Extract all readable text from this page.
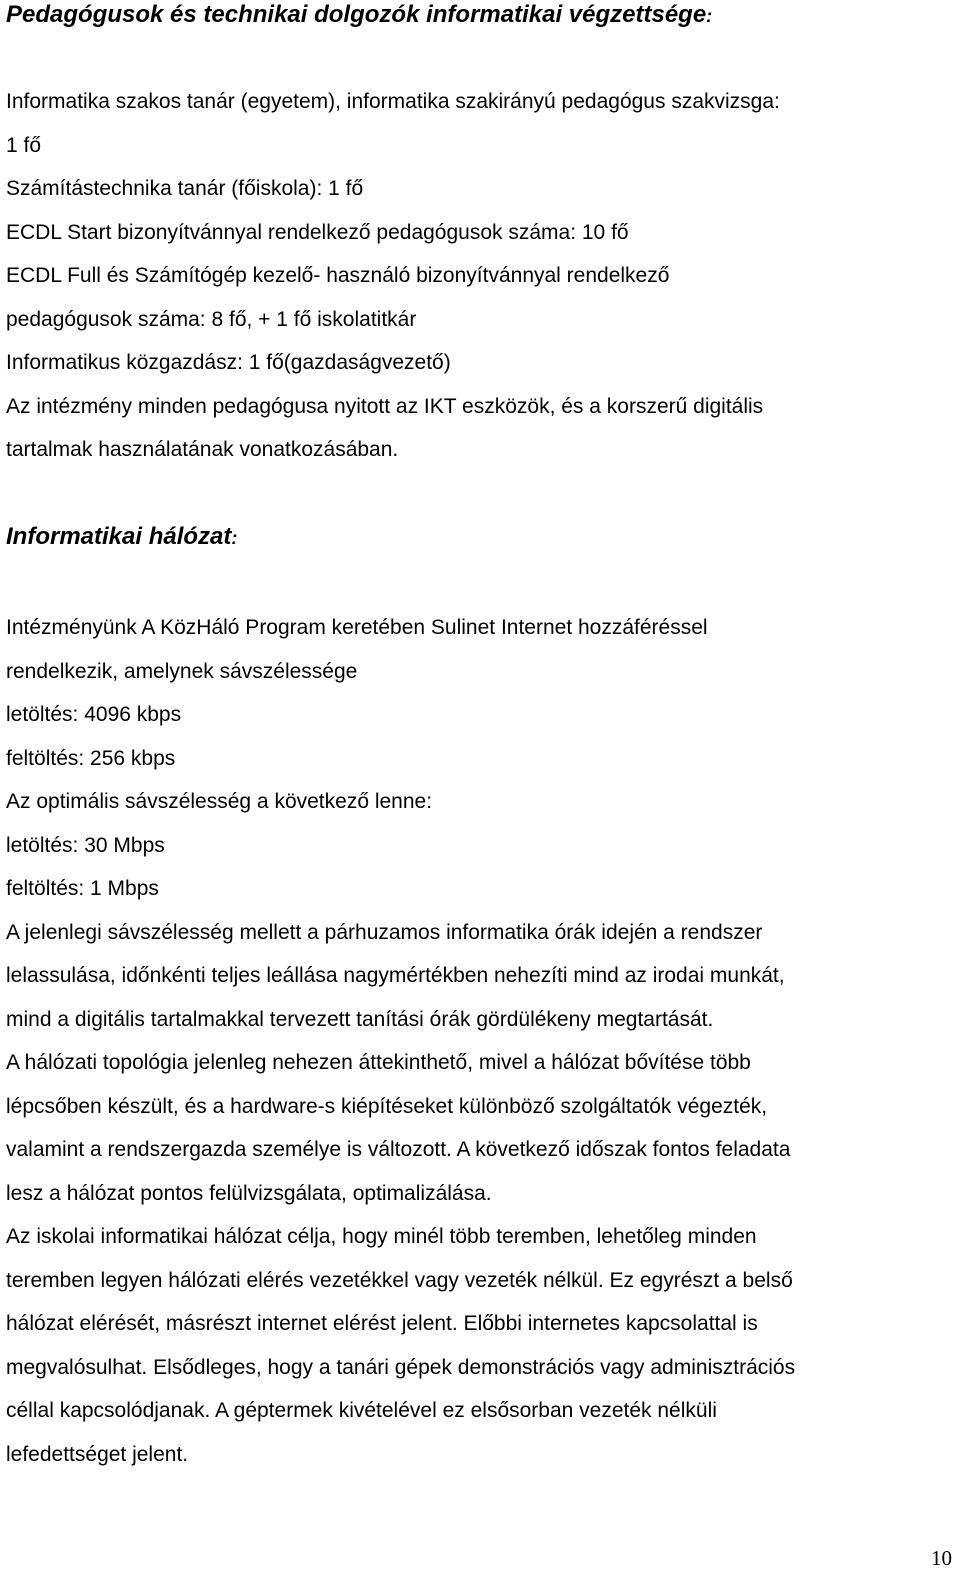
Pedagógusok és technikai dolgozók informatikai végzettsége:

Informatika szakos tanár (egyetem), informatika szakirányú pedagógus szakvizsga:

1 fő

Számítástechnika tanár (főiskola): 1 fő

ECDL Start bizonyítvánnyal rendelkező pedagógusok száma: 10 fő

ECDL Full és Számítógép kezelő- használó bizonyítvánnyal rendelkező

pedagógusok száma: 8 fő, + 1 fő iskolatitkár

Informatikus közgazdász: 1 fő(gazdaságvezető)

Az intézmény minden pedagógusa nyitott az IKT eszközök, és a korszerű digitális

tartalmak használatának vonatkozásában.

Informatikai hálózat:

Intézményünk A KözHáló Program keretében Sulinet Internet hozzáféréssel

rendelkezik, amelynek sávszélessége

letöltés: 4096 kbps

feltöltés: 256 kbps

Az optimális sávszélesség a következő lenne:

letöltés: 30 Mbps

feltöltés: 1 Mbps

A jelenlegi sávszélesség mellett a párhuzamos informatika órák idején a rendszer

lelassulása, időnkénti teljes leállása nagymértékben nehezíti mind az irodai munkát,

mind a digitális tartalmakkal tervezett tanítási órák gördülékeny megtartását.

A hálózati topológia jelenleg nehezen áttekinthető, mivel a hálózat bővítése több

lépcsőben készült, és a hardware-s kiépítéseket különböző szolgáltatók végezték,

valamint a rendszergazda személye is változott. A következő időszak fontos feladata

lesz a hálózat pontos felülvizsgálata, optimalizálása.

Az iskolai informatikai hálózat célja, hogy minél több teremben, lehetőleg minden

teremben legyen hálózati elérés vezetékkel vagy vezeték nélkül. Ez egyrészt a belső

hálózat elérését, másrészt internet elérést jelent. Előbbi internetes kapcsolattal is

megvalósulhat. Elsődleges, hogy a tanári gépek demonstrációs vagy adminisztrációs

céllal kapcsolódjanak. A géptermek kivételével ez elsősorban vezeték nélküli

lefedettséget jelent.

10
